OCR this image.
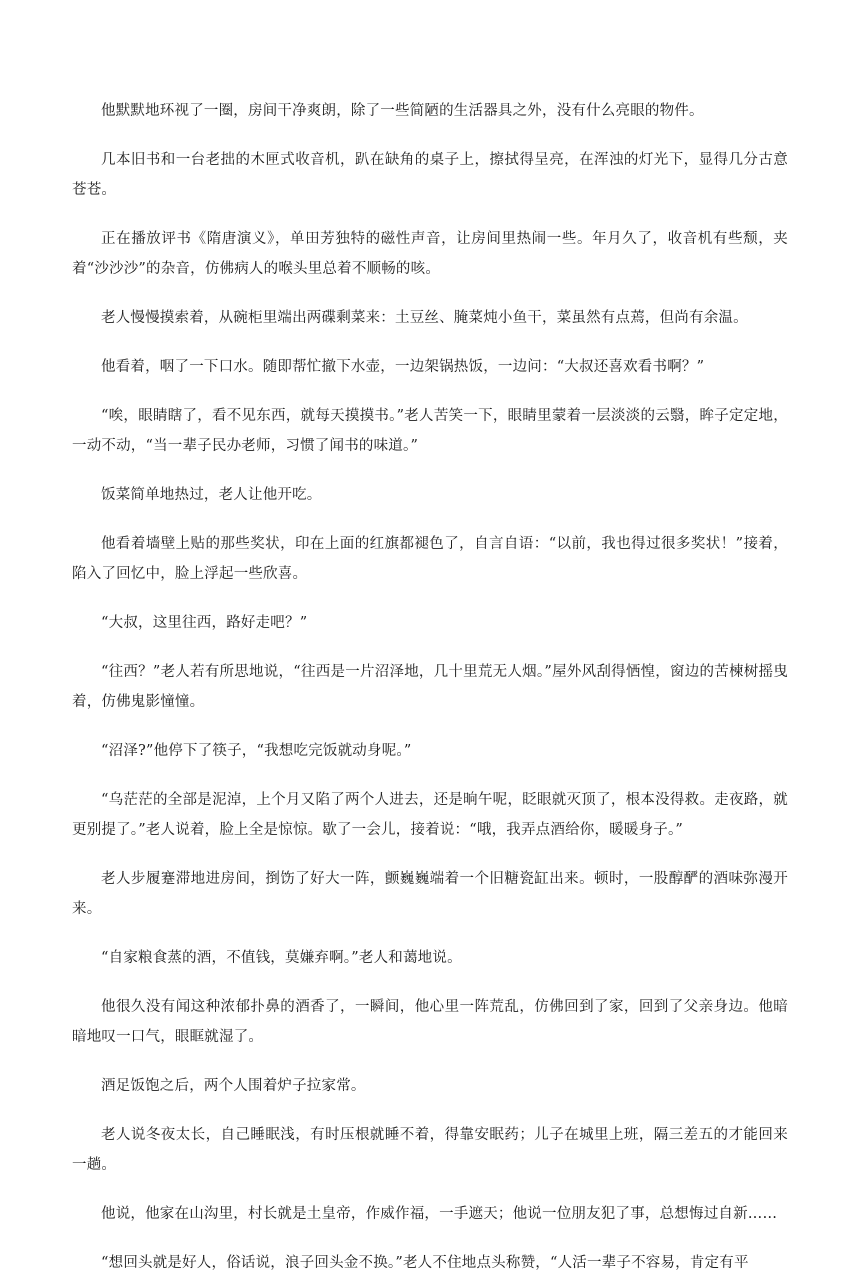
他默默地环视了一圈，房间干净爽朗，除了一些简陋的生活器具之外，没有什么亮眼的物件。

几本旧书和一台老拙的木匣式收音机，趴在缺角的桌子上，擦拭得呈亮，在浑浊的灯光下，显得几分古意苍苍。

正在播放评书《隋唐演义》，单田芳独特的磁性声音，让房间里热闹一些。年月久了，收音机有些颓，夹着“沙沙沙”的杂音，仿佛病人的喉头里总着不顺畅的咳。

老人慢慢摸索着，从碗柜里端出两碟剩菜来：土豆丝、腌菜炖小鱼干，菜虽然有点蔫，但尚有余温。

他看着，咽了一下口水。随即帮忙撤下水壶，一边架锅热饭，一边问：“大叔还喜欢看书啊？”

“唉，眼睛瞎了，看不见东西，就每天摸摸书。”老人苦笑一下，眼睛里蒙着一层淡淡的云翳，眸子定定地，一动不动，“当一辈子民办老师，习惯了闻书的味道。”

饭菜简单地热过，老人让他开吃。

他看着墙壁上贴的那些奖状，印在上面的红旗都褪色了，自言自语：“以前，我也得过很多奖状！”接着，陷入了回忆中，脸上浮起一些欣喜。

“大叔，这里往西，路好走吧？”

“往西？”老人若有所思地说，“往西是一片沼泽地，几十里荒无人烟。”屋外风刮得恓惶，窗边的苦楝树摇曳着，仿佛鬼影憧憧。

“沼泽?”他停下了筷子，“我想吃完饭就动身呢。”

“乌茫茫的全部是泥淖，上个月又陷了两个人进去，还是晌午呢，眨眼就灭顶了，根本没得救。走夜路，就更别提了。”老人说着，脸上全是惊惊。歇了一会儿，接着说：“哦，我弄点酒给你，暖暖身子。”

老人步履蹇滞地进房间，捯饬了好大一阵，颤巍巍端着一个旧糖瓷缸出来。顿时，一股醇酽的酒味弥漫开来。

“自家粮食蒸的酒，不值钱，莫嫌弃啊。”老人和蔼地说。

他很久没有闻这种浓郁扑鼻的酒香了，一瞬间，他心里一阵荒乱，仿佛回到了家，回到了父亲身边。他暗暗地叹一口气，眼眶就湿了。

酒足饭饱之后，两个人围着炉子拉家常。

老人说冬夜太长，自己睡眠浅，有时压根就睡不着，得靠安眠药；儿子在城里上班，隔三差五的才能回来一趟。

他说，他家在山沟里，村长就是土皇帝，作威作福，一手遮天；他说一位朋友犯了事，总想悔过自新……

“想回头就是好人，俗话说，浪子回头金不换。”老人不住地点头称赞，“人活一辈子不容易，肯定有平
